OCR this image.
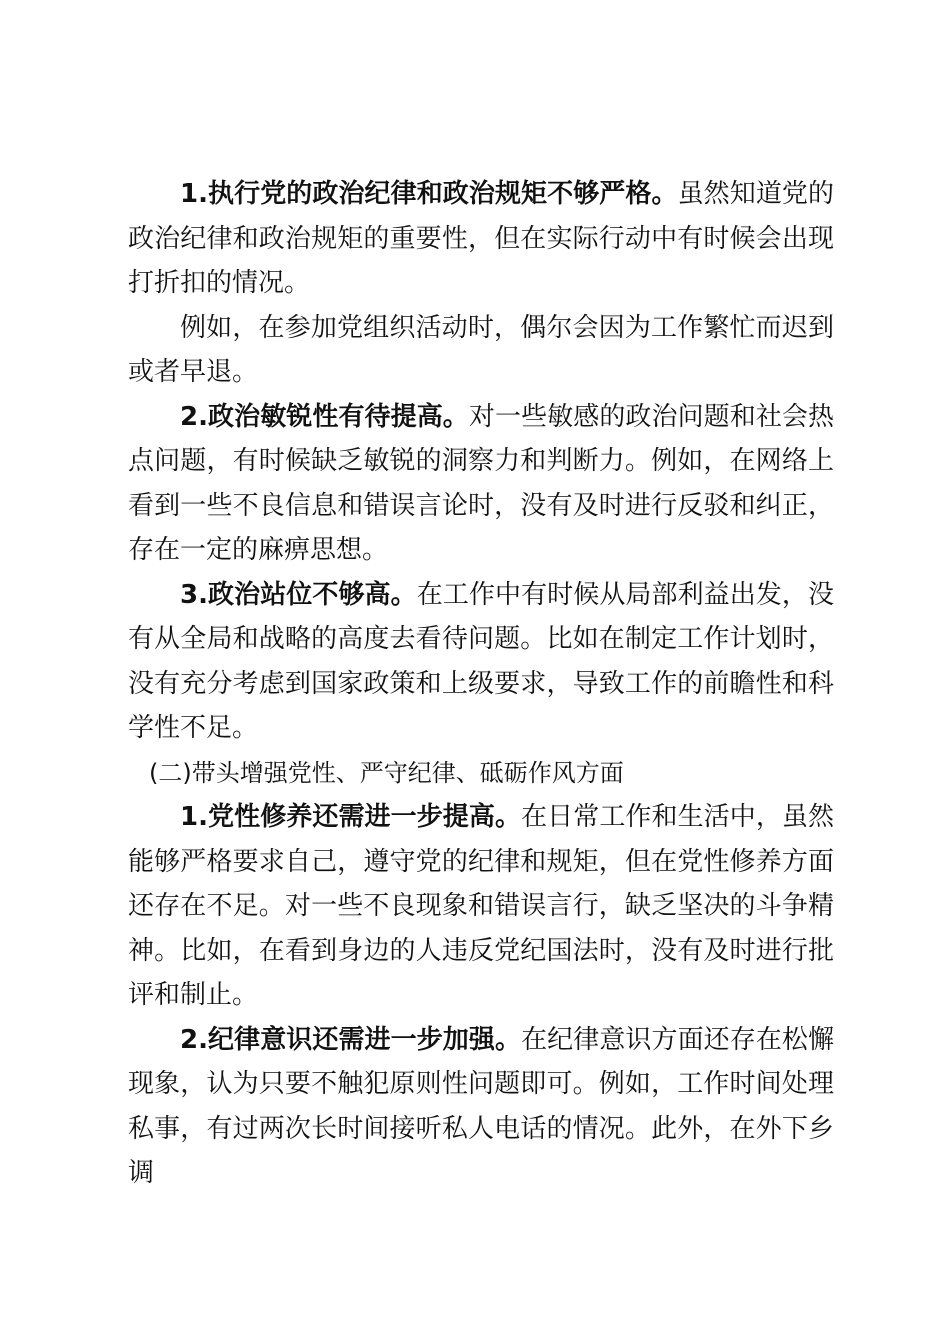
1.执行党的政治纪律和政治规矩不够严格。虽然知道党的政治纪律和政治规矩的重要性，但在实际行动中有时候会出现打折扣的情况。

例如，在参加党组织活动时，偶尔会因为工作繁忙而迟到或者早退。

2.政治敏锐性有待提高。对一些敏感的政治问题和社会热点问题，有时候缺乏敏锐的洞察力和判断力。例如，在网络上看到一些不良信息和错误言论时，没有及时进行反驳和纠正，存在一定的麻痹思想。

3.政治站位不够高。在工作中有时候从局部利益出发，没有从全局和战略的高度去看待问题。比如在制定工作计划时，没有充分考虑到国家政策和上级要求，导致工作的前瞻性和科学性不足。

(二)带头增强党性、严守纪律、砥砺作风方面

1.党性修养还需进一步提高。在日常工作和生活中，虽然能够严格要求自己，遵守党的纪律和规矩，但在党性修养方面还存在不足。对一些不良现象和错误言行，缺乏坚决的斗争精神。比如，在看到身边的人违反党纪国法时，没有及时进行批评和制止。

2.纪律意识还需进一步加强。在纪律意识方面还存在松懈现象，认为只要不触犯原则性问题即可。例如，工作时间处理私事，有过两次长时间接听私人电话的情况。此外，在外下乡调
